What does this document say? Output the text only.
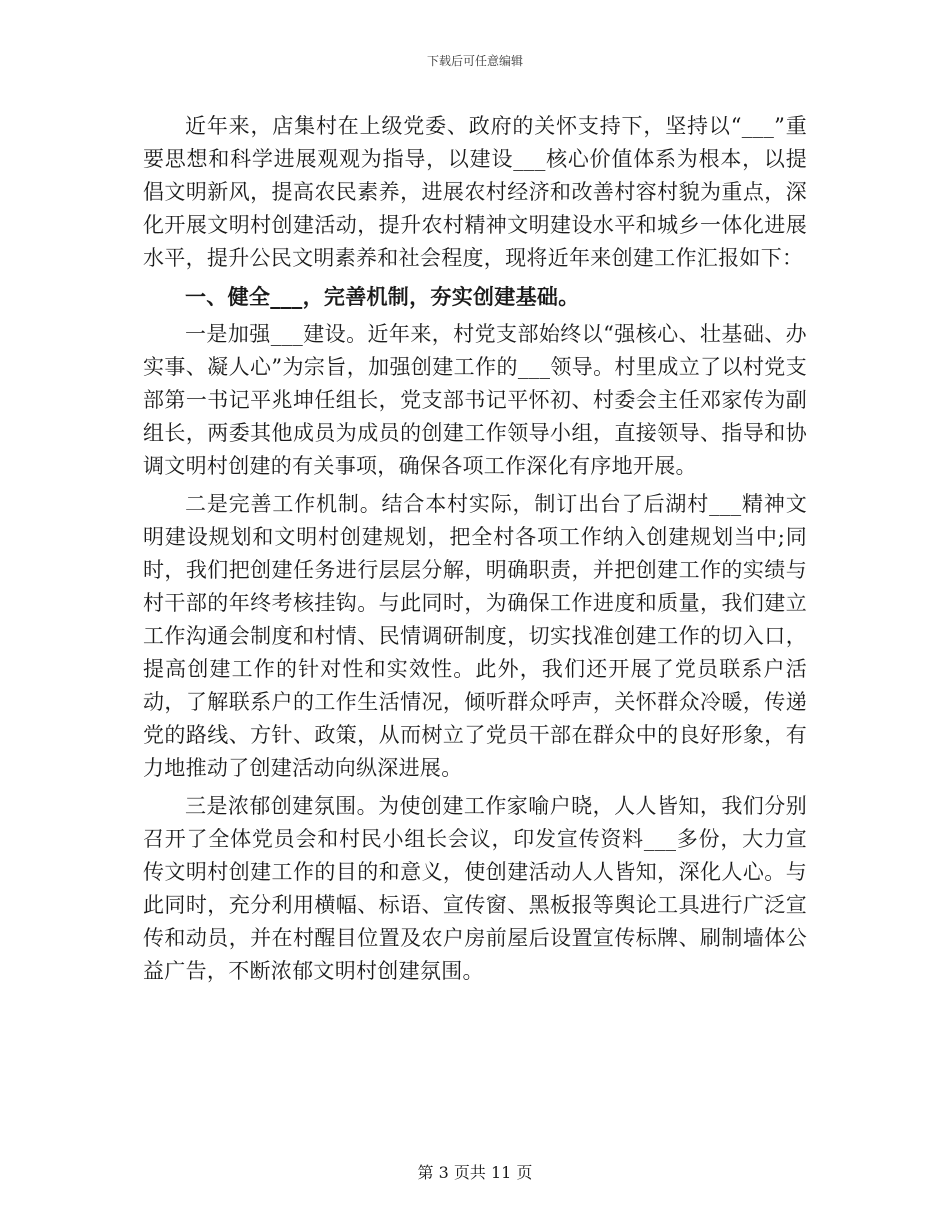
下载后可任意编辑

近年来，店集村在上级党委、政府的关怀支持下，坚持以“___”重要思想和科学进展观观为指导，以建设___核心价值体系为根本，以提倡文明新风，提高农民素养，进展农村经济和改善村容村貌为重点，深化开展文明村创建活动，提升农村精神文明建设水平和城乡一体化进展水平，提升公民文明素养和社会程度，现将近年来创建工作汇报如下：

一、健全___，完善机制，夯实创建基础。

一是加强___建设。近年来，村党支部始终以“强核心、壮基础、办实事、凝人心”为宗旨，加强创建工作的___领导。村里成立了以村党支部第一书记平兆坤任组长，党支部书记平怀初、村委会主任邓家传为副组长，两委其他成员为成员的创建工作领导小组，直接领导、指导和协调文明村创建的有关事项，确保各项工作深化有序地开展。

二是完善工作机制。结合本村实际，制订出台了后湖村___精神文明建设规划和文明村创建规划，把全村各项工作纳入创建规划当中;同时，我们把创建任务进行层层分解，明确职责，并把创建工作的实绩与村干部的年终考核挂钩。与此同时，为确保工作进度和质量，我们建立工作沟通会制度和村情、民情调研制度，切实找准创建工作的切入口，提高创建工作的针对性和实效性。此外，我们还开展了党员联系户活动，了解联系户的工作生活情况，倾听群众呼声，关怀群众冷暖，传递党的路线、方针、政策，从而树立了党员干部在群众中的良好形象，有力地推动了创建活动向纵深进展。

三是浓郁创建氛围。为使创建工作家喻户晓，人人皆知，我们分别召开了全体党员会和村民小组长会议，印发宣传资料___多份，大力宣传文明村创建工作的目的和意义，使创建活动人人皆知，深化人心。与此同时，充分利用横幅、标语、宣传窗、黑板报等舆论工具进行广泛宣传和动员，并在村醒目位置及农户房前屋后设置宣传标牌、刷制墙体公益广告，不断浓郁文明村创建氛围。

第 3 页共 11 页
